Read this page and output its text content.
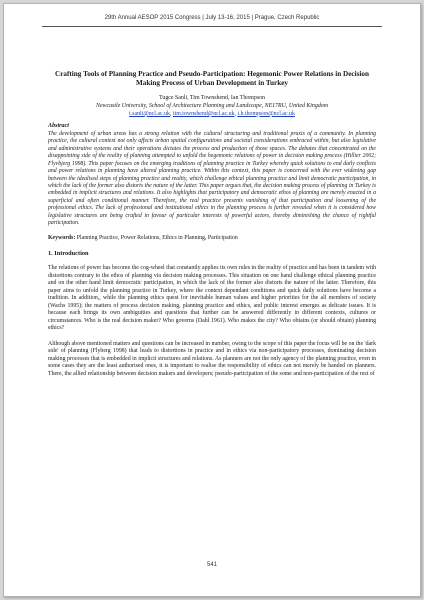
29th Annual AESOP 2015 Congress | July 13-16, 2015 | Prague, Czech Republic
Crafting Tools of Planning Practice and Pseudo-Participation: Hegemonic Power Relations in Decision Making Process of Urban Development in Turkey
Tugce Sanli, Tim Townshend, Ian Thompson
Newcastle University, School of Architecture Planning and Landscape, NE17RU, United Kingdom
t.sanli@ncl.ac.uk, tim.townshend@ncl.ac.uk, i.h.thompson@ncl.ac.uk
Abstract

The development of urban areas has a strong relation with the cultural structuring and traditional praxis of a community. In planning practice, the cultural context not only affects urban spatial configurations and societal considerations embraced within, but also legislative and administrative systems and their operations dictates the process and production of those spaces. The debates that concentrated on the disappointing side of the reality of planning attempted to unfold the hegemonic relations of power in decision making process (Hillier 2002; Flyvbjerg 1998). This paper focuses on the emerging traditions of planning practice in Turkey whereby quick solutions to end daily conflicts and power relations in planning have altered planning practice. Within this context, this paper is concerned with the ever widening gap between the idealised steps of planning practice and reality, which challenge ethical planning practice and limit democratic participation, in which the lack of the former also distorts the nature of the latter. This paper argues that, the decision making process of planning in Turkey is embedded in implicit structures and relations. It also highlights that participatory and democratic ethos of planning are merely enacted in a superficial and often conditional manner. Therefore, the real practice presents vanishing of that participation and loosening of the professional ethics. The lack of professional and institutional ethics in the planning process is further revealed when it is considered how legislative structures are being crafted in favour of particular interests of powerful actors, thereby diminishing the chance of rightful participation.

Keywords: Planning Practice, Power Relations, Ethics in Planning, Participation
1. Introduction

The relations of power has become the cog-wheel that constantly applies its own rules in the reality of practice and has been in tandem with distortions contrary to the ethos of planning via decision making processes. This situation on one hand challenge ethical planning practice and on the other hand limit democratic participation, in which the lack of the former also distorts the nature of the latter. Therefore, this paper aims to unfold the planning practice in Turkey, where the context dependant conditions and quick daily solutions have become a tradition. In addition,, while the planning ethics quest for inevitable human values and higher priorities for the all members of society (Wachs 1995); the matters of process decision making, planning practice and ethics, and public interest emerges as delicate issues. It is because each brings its own ambiguities and questions that further can be answered differently in different contexts, cultures or circumstances. Who is the real decision maker? Who governs (Dahl 1961). Who makes the city? Who obtains (or should obtain) planning ethics?

Although above mentioned matters and questions can be increased in number, owing to the scope of this paper the focus will be on the 'dark side' of planning (Flyberg 1998) that leads to distortions in practice and in ethics via non-participatory processes, dominating decision making processes that is embedded in implicit structures and relations. As planners are not the only agency of the planning practice, even in some cases they are the least authorised ones, it is important to realise the responsibility of ethics can not merely be handed on planners. There, the allied relationship between decision makers and developers; pseudo-participation of the some and non-participation of the rest of

541
